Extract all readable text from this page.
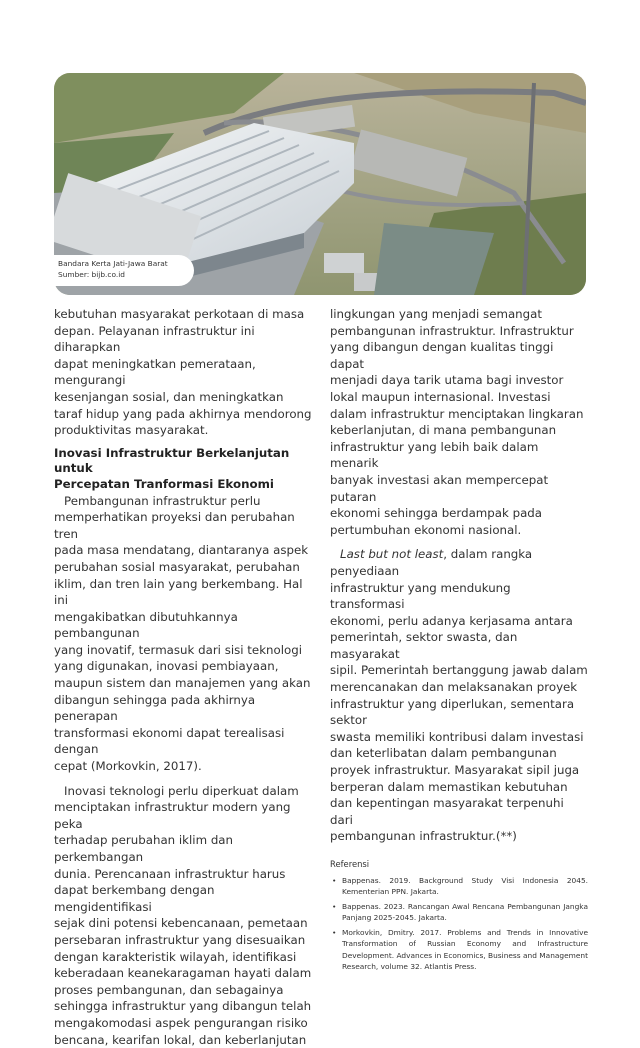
Bandara Kerta Jati-Jawa Barat
Sumber: bijb.co.id

kebutuhan masyarakat perkotaan di masa
depan. Pelayanan infrastruktur ini diharapkan
dapat meningkatkan pemerataan, mengurangi
kesenjangan sosial, dan meningkatkan
taraf hidup yang pada akhirnya mendorong
produktivitas masyarakat.

Inovasi Infrastruktur Berkelanjutan untuk
Percepatan Tranformasi Ekonomi

Pembangunan infrastruktur perlu
memperhatikan proyeksi dan perubahan tren
pada masa mendatang, diantaranya aspek
perubahan sosial masyarakat, perubahan
iklim, dan tren lain yang berkembang. Hal ini
mengakibatkan dibutuhkannya pembangunan
yang inovatif, termasuk dari sisi teknologi
yang digunakan, inovasi pembiayaan,
maupun sistem dan manajemen yang akan
dibangun sehingga pada akhirnya penerapan
transformasi ekonomi dapat terealisasi dengan
cepat (Morkovkin, 2017).

Inovasi teknologi perlu diperkuat dalam
menciptakan infrastruktur modern yang peka
terhadap perubahan iklim dan perkembangan
dunia. Perencanaan infrastruktur harus
dapat berkembang dengan mengidentifikasi
sejak dini potensi kebencanaan, pemetaan
persebaran infrastruktur yang disesuaikan
dengan karakteristik wilayah, identifikasi
keberadaan keanekaragaman hayati dalam
proses pembangunan, dan sebagainya
sehingga infrastruktur yang dibangun telah
mengakomodasi aspek pengurangan risiko
bencana, kearifan lokal, dan keberlanjutan

lingkungan yang menjadi semangat
pembangunan infrastruktur. Infrastruktur
yang dibangun dengan kualitas tinggi dapat
menjadi daya tarik utama bagi investor
lokal maupun internasional. Investasi
dalam infrastruktur menciptakan lingkaran
keberlanjutan, di mana pembangunan
infrastruktur yang lebih baik dalam menarik
banyak investasi akan mempercepat putaran
ekonomi sehingga berdampak pada
pertumbuhan ekonomi nasional.

Last but not least, dalam rangka penyediaan
infrastruktur yang mendukung transformasi
ekonomi, perlu adanya kerjasama antara
pemerintah, sektor swasta, dan masyarakat
sipil. Pemerintah bertanggung jawab dalam
merencanakan dan melaksanakan proyek
infrastruktur yang diperlukan, sementara sektor
swasta memiliki kontribusi dalam investasi
dan keterlibatan dalam pembangunan
proyek infrastruktur. Masyarakat sipil juga
berperan dalam memastikan kebutuhan
dan kepentingan masyarakat terpenuhi dari
pembangunan infrastruktur.(**)

Referensi
• Bappenas. 2019. Background Study Visi Indonesia 2045. Kementerian PPN. Jakarta.
• Bappenas. 2023. Rancangan Awal Rencana Pembangunan Jangka Panjang 2025-2045. Jakarta.
• Morkovkin, Dmitry. 2017. Problems and Trends in Innovative Transformation of Russian Economy and Infrastructure Development. Advances in Economics, Business and Management Research, volume 32. Atlantis Press.
